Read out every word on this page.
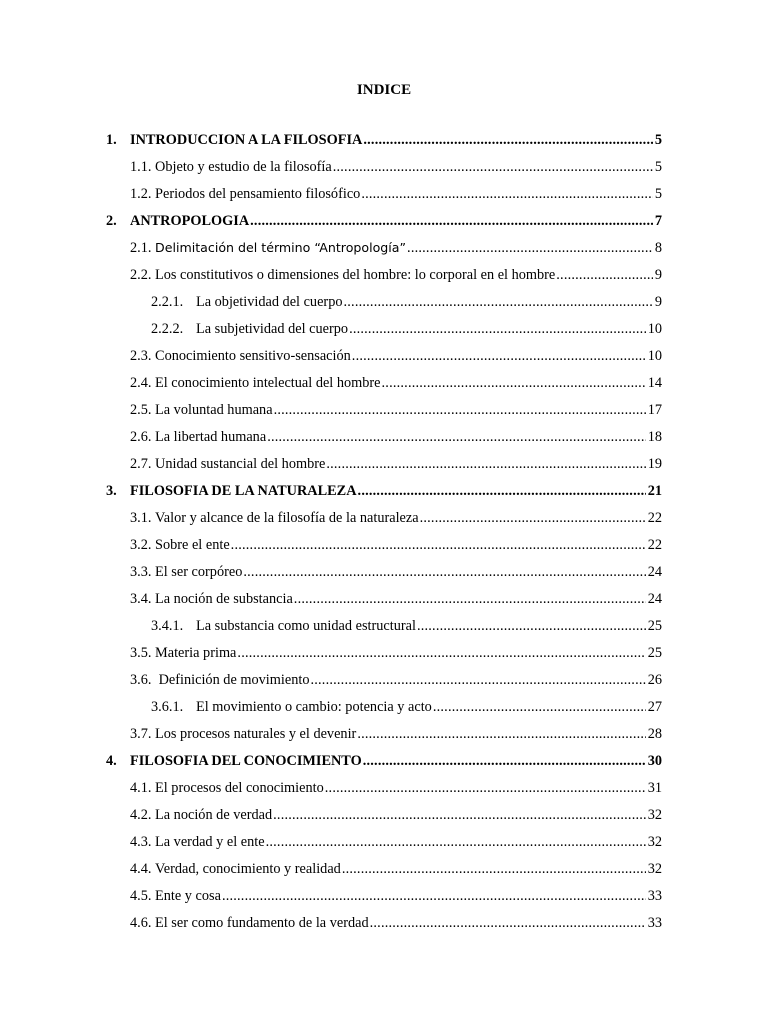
INDICE
1. INTRODUCCION A LA FILOSOFIA .....	5
1.1. Objeto y estudio de la filosofía .....	5
1.2. Periodos del pensamiento filosófico .....	5
2. ANTROPOLOGIA .....	7
2.1. Delimitación del término “Antropología” .....	8
2.2. Los constitutivos o dimensiones del hombre: lo corporal en el hombre .....	9
2.2.1. La objetividad del cuerpo .....	9
2.2.2. La subjetividad del cuerpo .....	10
2.3. Conocimiento sensitivo-sensación .....	10
2.4. El conocimiento intelectual del hombre .....	14
2.5. La voluntad humana .....	17
2.6. La libertad humana .....	18
2.7. Unidad sustancial del hombre .....	19
3. FILOSOFIA DE LA NATURALEZA .....	21
3.1. Valor y alcance de la filosofía de la naturaleza .....	22
3.2. Sobre el ente .....	22
3.3. El ser corpóreo .....	24
3.4. La noción de substancia .....	24
3.4.1. La substancia como unidad estructural .....	25
3.5. Materia prima .....	25
3.6. Definición de movimiento .....	26
3.6.1. El movimiento o cambio: potencia y acto .....	27
3.7. Los procesos naturales y el devenir .....	28
4. FILOSOFIA DEL CONOCIMIENTO .....	30
4.1. El procesos del conocimiento .....	31
4.2. La noción de verdad .....	32
4.3. La verdad y el ente .....	32
4.4. Verdad, conocimiento y realidad .....	32
4.5. Ente y cosa .....	33
4.6. El ser como fundamento de la verdad .....	33
